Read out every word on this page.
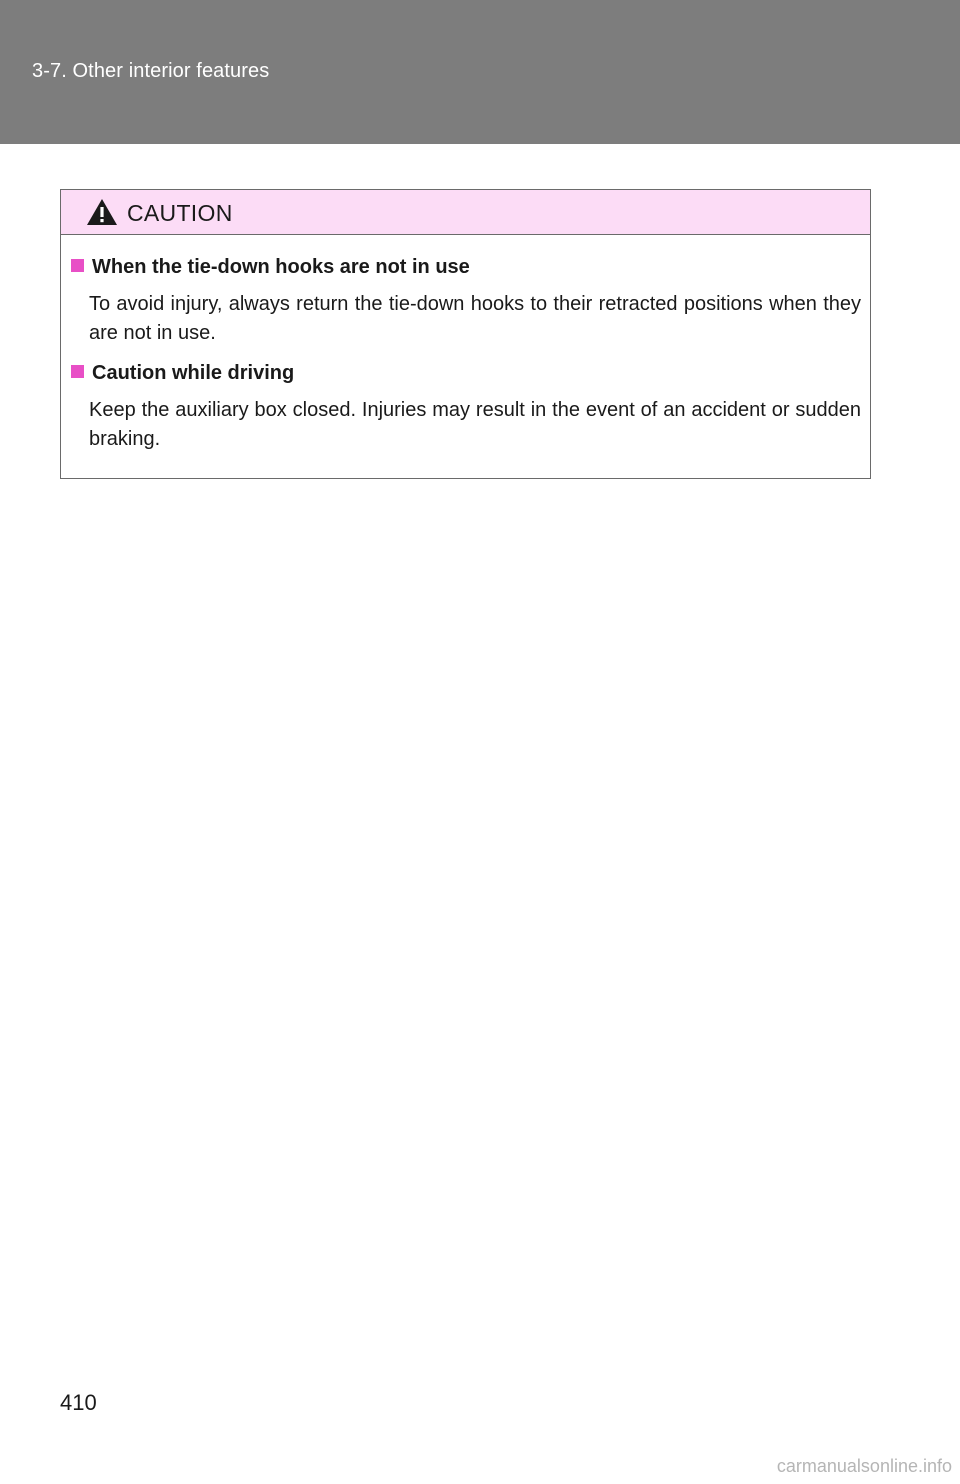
3-7. Other interior features
CAUTION
When the tie-down hooks are not in use
To avoid injury, always return the tie-down hooks to their retracted positions when they are not in use.
Caution while driving
Keep the auxiliary box closed. Injuries may result in the event of an accident or sudden braking.
410
carmanualsonline.info
